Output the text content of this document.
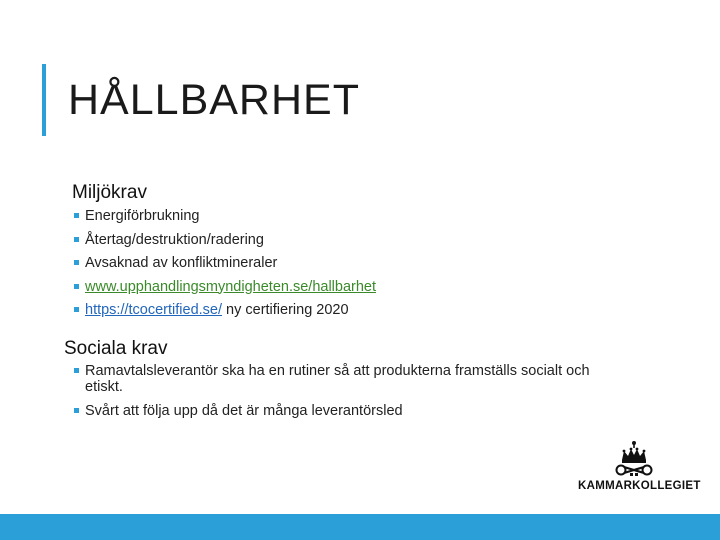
HÅLLBARHET
Miljökrav
Energiförbrukning
Återtag/destruktion/radering
Avsaknad av konfliktmineraler
www.upphandlingsmyndigheten.se/hallbarhet
https://tcocertified.se/ ny certifiering 2020
Sociala krav
Ramavtalsleverantör ska ha en rutiner så att produkterna framställs socialt och etiskt.
Svårt att följa upp då det är många leverantörsled
KAMMARKOLLEGIET
